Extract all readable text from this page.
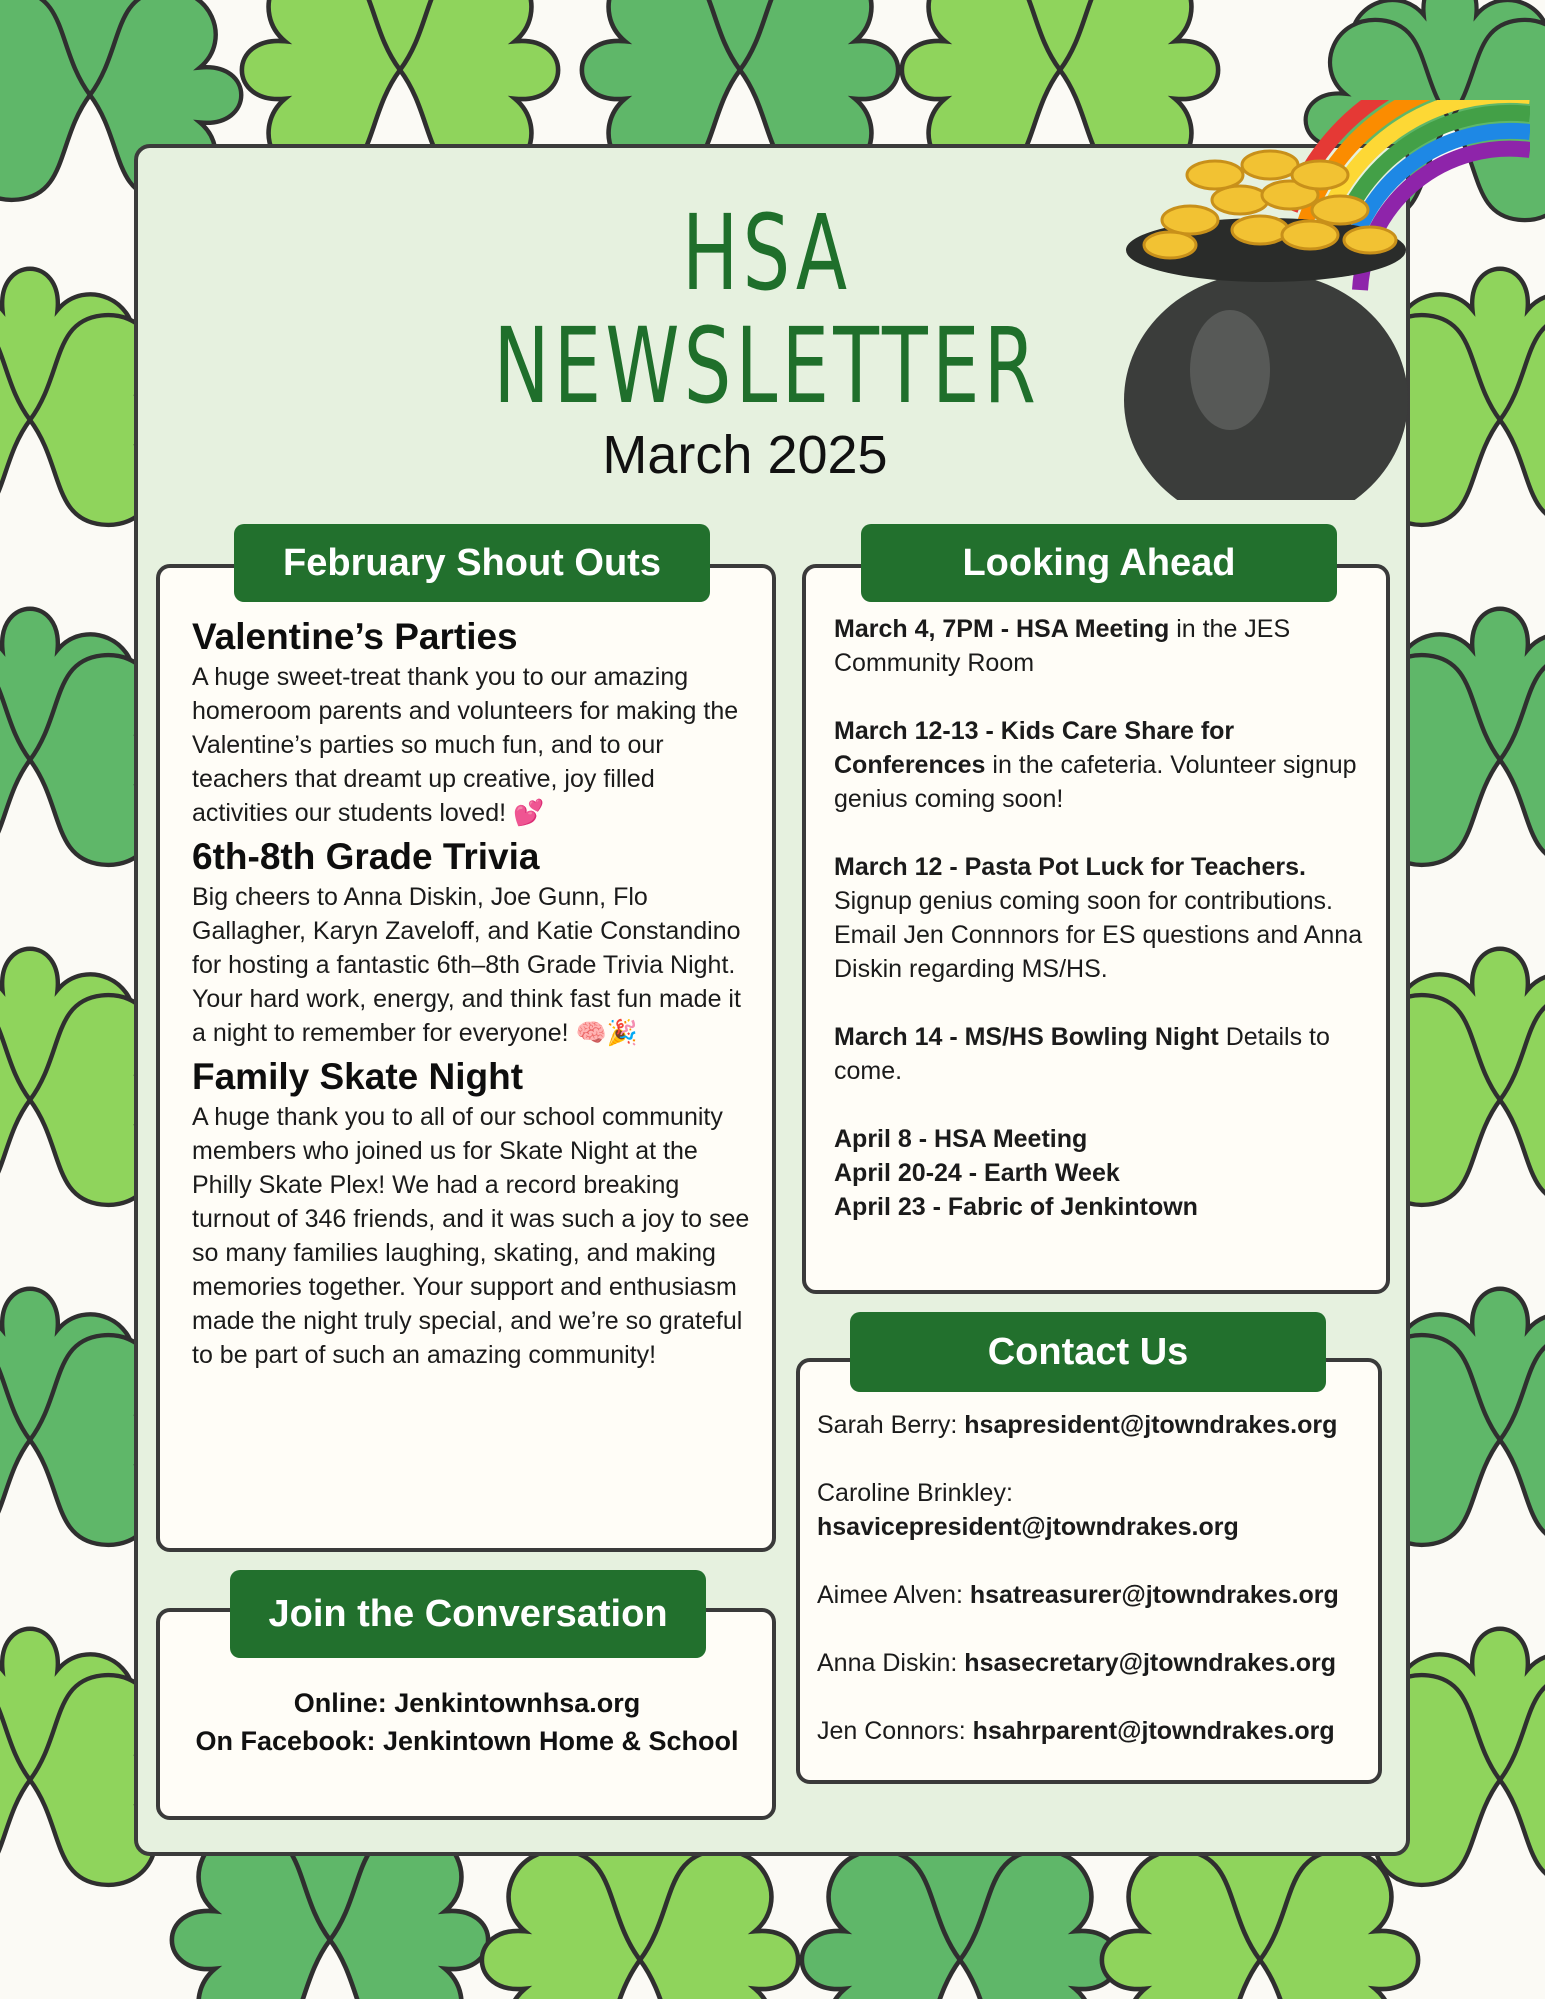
HSA
NEWSLETTER
March 2025
February Shout Outs
Valentine’s Parties

A huge sweet-treat thank you to our amazing homeroom parents and volunteers for making the Valentine’s parties so much fun, and to our teachers that dreamt up creative, joy filled activities our students loved! 💕

6th-8th Grade Trivia

Big cheers to Anna Diskin, Joe Gunn, Flo Gallagher, Karyn Zaveloff, and Katie Constandino for hosting a fantastic 6th–8th Grade Trivia Night. Your hard work, energy, and think fast fun made it a night to remember for everyone! 🧠🎉

Family Skate Night

A huge thank you to all of our school community members who joined us for Skate Night at the Philly Skate Plex! We had a record breaking turnout of 346 friends, and it was such a joy to see so many families laughing, skating, and making memories together. Your support and enthusiasm made the night truly special, and we’re so grateful to be part of such an amazing community!

Join the Conversation
Online: Jenkintownhsa.org
On Facebook: Jenkintown Home & School
Looking Ahead

March 4, 7PM - HSA Meeting in the JES Community Room

March 12-13 - Kids Care Share for Conferences in the cafeteria. Volunteer signup genius coming soon!

March 12 - Pasta Pot Luck for Teachers. Signup genius coming soon for contributions. Email Jen Connnors for ES questions and Anna Diskin regarding MS/HS.

March 14 - MS/HS Bowling Night Details to come.

April 8 - HSA Meeting

April 20-24 - Earth Week

April 23 - Fabric of Jenkintown

Contact Us

Sarah Berry: hsapresident@jtowndrakes.org

Caroline Brinkley:
hsavicepresident@jtowndrakes.org

Aimee Alven: hsatreasurer@jtowndrakes.org

Anna Diskin: hsasecretary@jtowndrakes.org

Jen Connors: hsahrparent@jtowndrakes.org
